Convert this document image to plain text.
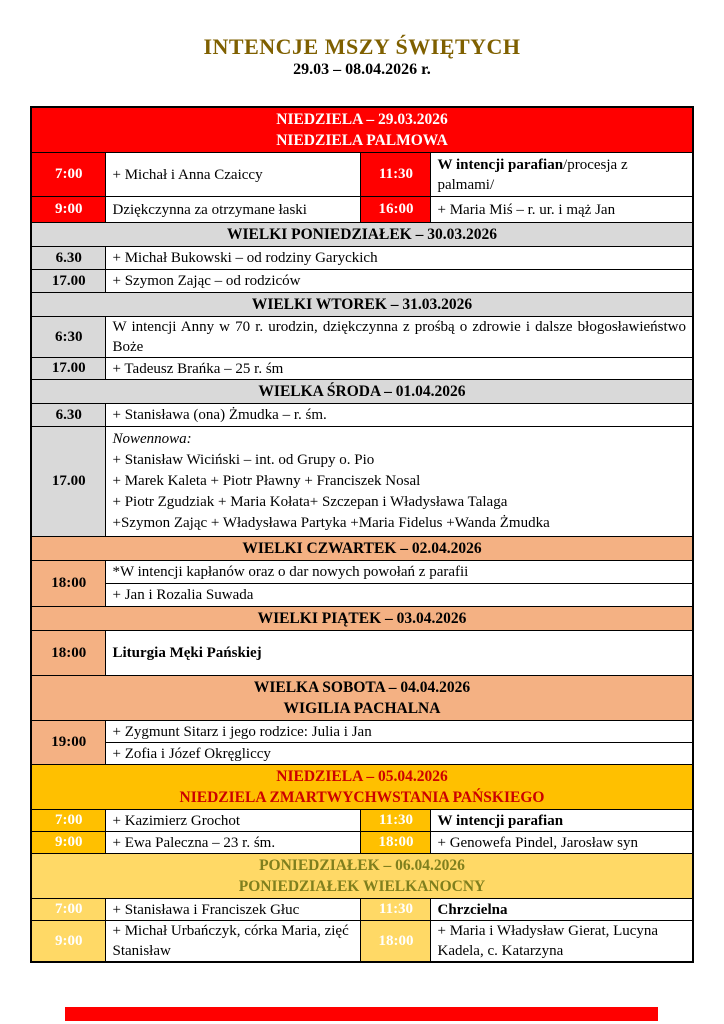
INTENCJE MSZY ŚWIĘTYCH
29.03 – 08.04.2026 r.
NIEDZIELA – 29.03.2026
NIEDZIELA PALMOWA			

7:00	+ Michał i Anna Czaiccy	11:30	W intencji parafian/procesja z palmami/
9:00	Dziękczynna za otrzymane łaski	16:00	+ Maria Miś – r. ur. i mąż Jan

WIELKI PONIEDZIAŁEK – 30.03.2026			

6.30	+ Michał Bukowski – od rodziny Garyckich		
17.00	+ Szymon Zając – od rodziców		

WIELKI WTOREK – 31.03.2026			

6:30	W intencji Anny w 70 r. urodzin, dziękczynna z prośbą o zdrowie i dalsze błogosławieństwo Boże		
17.00	+ Tadeusz Brańka – 25 r. śm		

WIELKA ŚRODA – 01.04.2026			

6.30	+ Stanisława (ona) Żmudka – r. śm.		
17.00	Nowennowa:
+ Stanisław Wiciński – int. od Grupy o. Pio
+ Marek Kaleta + Piotr Pławny + Franciszek Nosal
+ Piotr Zgudziak + Maria Kołata+ Szczepan i Władysława Talaga
+Szymon Zając + Władysława Partyka +Maria Fidelus +Wanda Żmudka		

WIELKI CZWARTEK – 02.04.2026			

18:00	*W intencji kapłanów oraz o dar nowych powołań z parafii		
	+ Jan i Rozalia Suwada		

WIELKI PIĄTEK – 03.04.2026			

18:00	Liturgia Męki Pańskiej		

WIELKA SOBOTA – 04.04.2026
WIGILIA PACHALNA			

19:00	+ Zygmunt Sitarz i jego rodzice: Julia i Jan		
	+ Zofia i Józef Okręgliccy		

NIEDZIELA – 05.04.2026
NIEDZIELA ZMARTWYCHWSTANIA PAŃSKIEGO			

7:00	+ Kazimierz Grochot	11:30	W intencji parafian
9:00	+ Ewa Paleczna – 23 r. śm.	18:00	+ Genowefa Pindel, Jarosław syn

PONIEDZIAŁEK – 06.04.2026
PONIEDZIAŁEK WIELKANOCNY			

7:00	+ Stanisława i Franciszek Głuc	11:30	Chrzcielna
9:00	+ Michał Urbańczyk, córka Maria, zięć Stanisław	18:00	+ Maria i Władysław Gierat, Lucyna Kadela, c. Katarzyna
